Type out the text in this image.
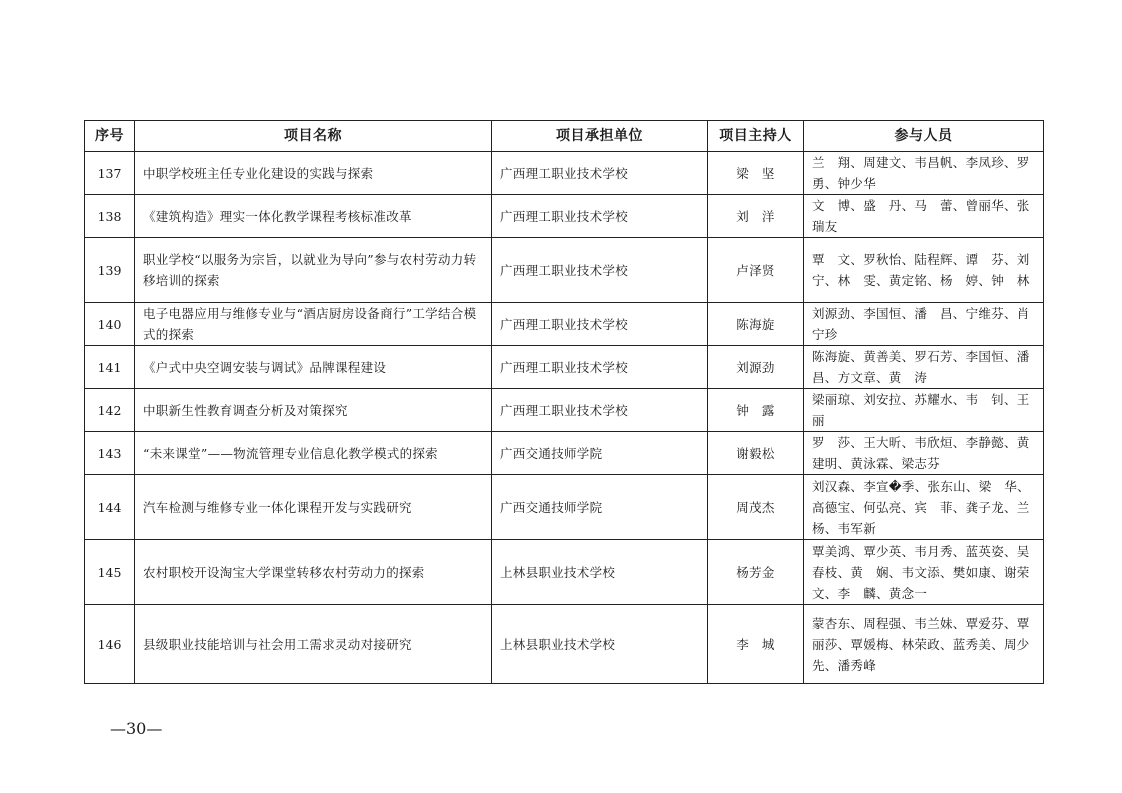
序号	项目名称	项目承担单位	项目主持人	参与人员
137	中职学校班主任专业化建设的实践与探索	广西理工职业技术学校	梁　坚	兰　翔、周建文、韦昌帆、李凤珍、罗　勇、钟少华
138	《建筑构造》理实一体化教学课程考核标准改革	广西理工职业技术学校	刘　洋	文　博、盛　丹、马　蕾、曾丽华、张瑞友
139	职业学校“以服务为宗旨，以就业为导向”参与农村劳动力转移培训的探索	广西理工职业技术学校	卢泽贤	覃　文、罗秋怡、陆程辉、谭　芬、刘　宁、林　雯、黄定铭、杨　婷、钟　林
140	电子电器应用与维修专业与“酒店厨房设备商行”工学结合模式的探索	广西理工职业技术学校	陈海旋	刘源劲、李国恒、潘　昌、宁维芬、肖宁珍
141	《户式中央空调安装与调试》品牌课程建设	广西理工职业技术学校	刘源劲	陈海旋、黄善美、罗石芳、李国恒、潘　昌、方文章、黄　涛
142	中职新生性教育调查分析及对策探究	广西理工职业技术学校	钟　露	梁丽琼、刘安拉、苏耀水、韦　钊、王　丽
143	“未来课堂”——物流管理专业信息化教学模式的探索	广西交通技师学院	谢毅松	罗　莎、王大昕、韦欣烜、李静懿、黄建明、黄泳霖、梁志芬
144	汽车检测与维修专业一体化课程开发与实践研究	广西交通技师学院	周茂杰	刘汉森、李宣�季、张东山、梁　华、高德宝、何弘亮、宾　菲、龚子龙、兰　杨、韦军新
145	农村职校开设淘宝大学课堂转移农村劳动力的探索	上林县职业技术学校	杨芳金	覃美鸿、覃少英、韦月秀、蓝英姿、吴春枝、黄　娴、韦文添、樊如康、谢荣文、李　麟、黄念一
146	县级职业技能培训与社会用工需求灵动对接研究	上林县职业技术学校	李　城	蒙杏东、周程强、韦兰妹、覃爱芬、覃丽莎、覃媛梅、林荣政、蓝秀美、周少先、潘秀峰
—30—
